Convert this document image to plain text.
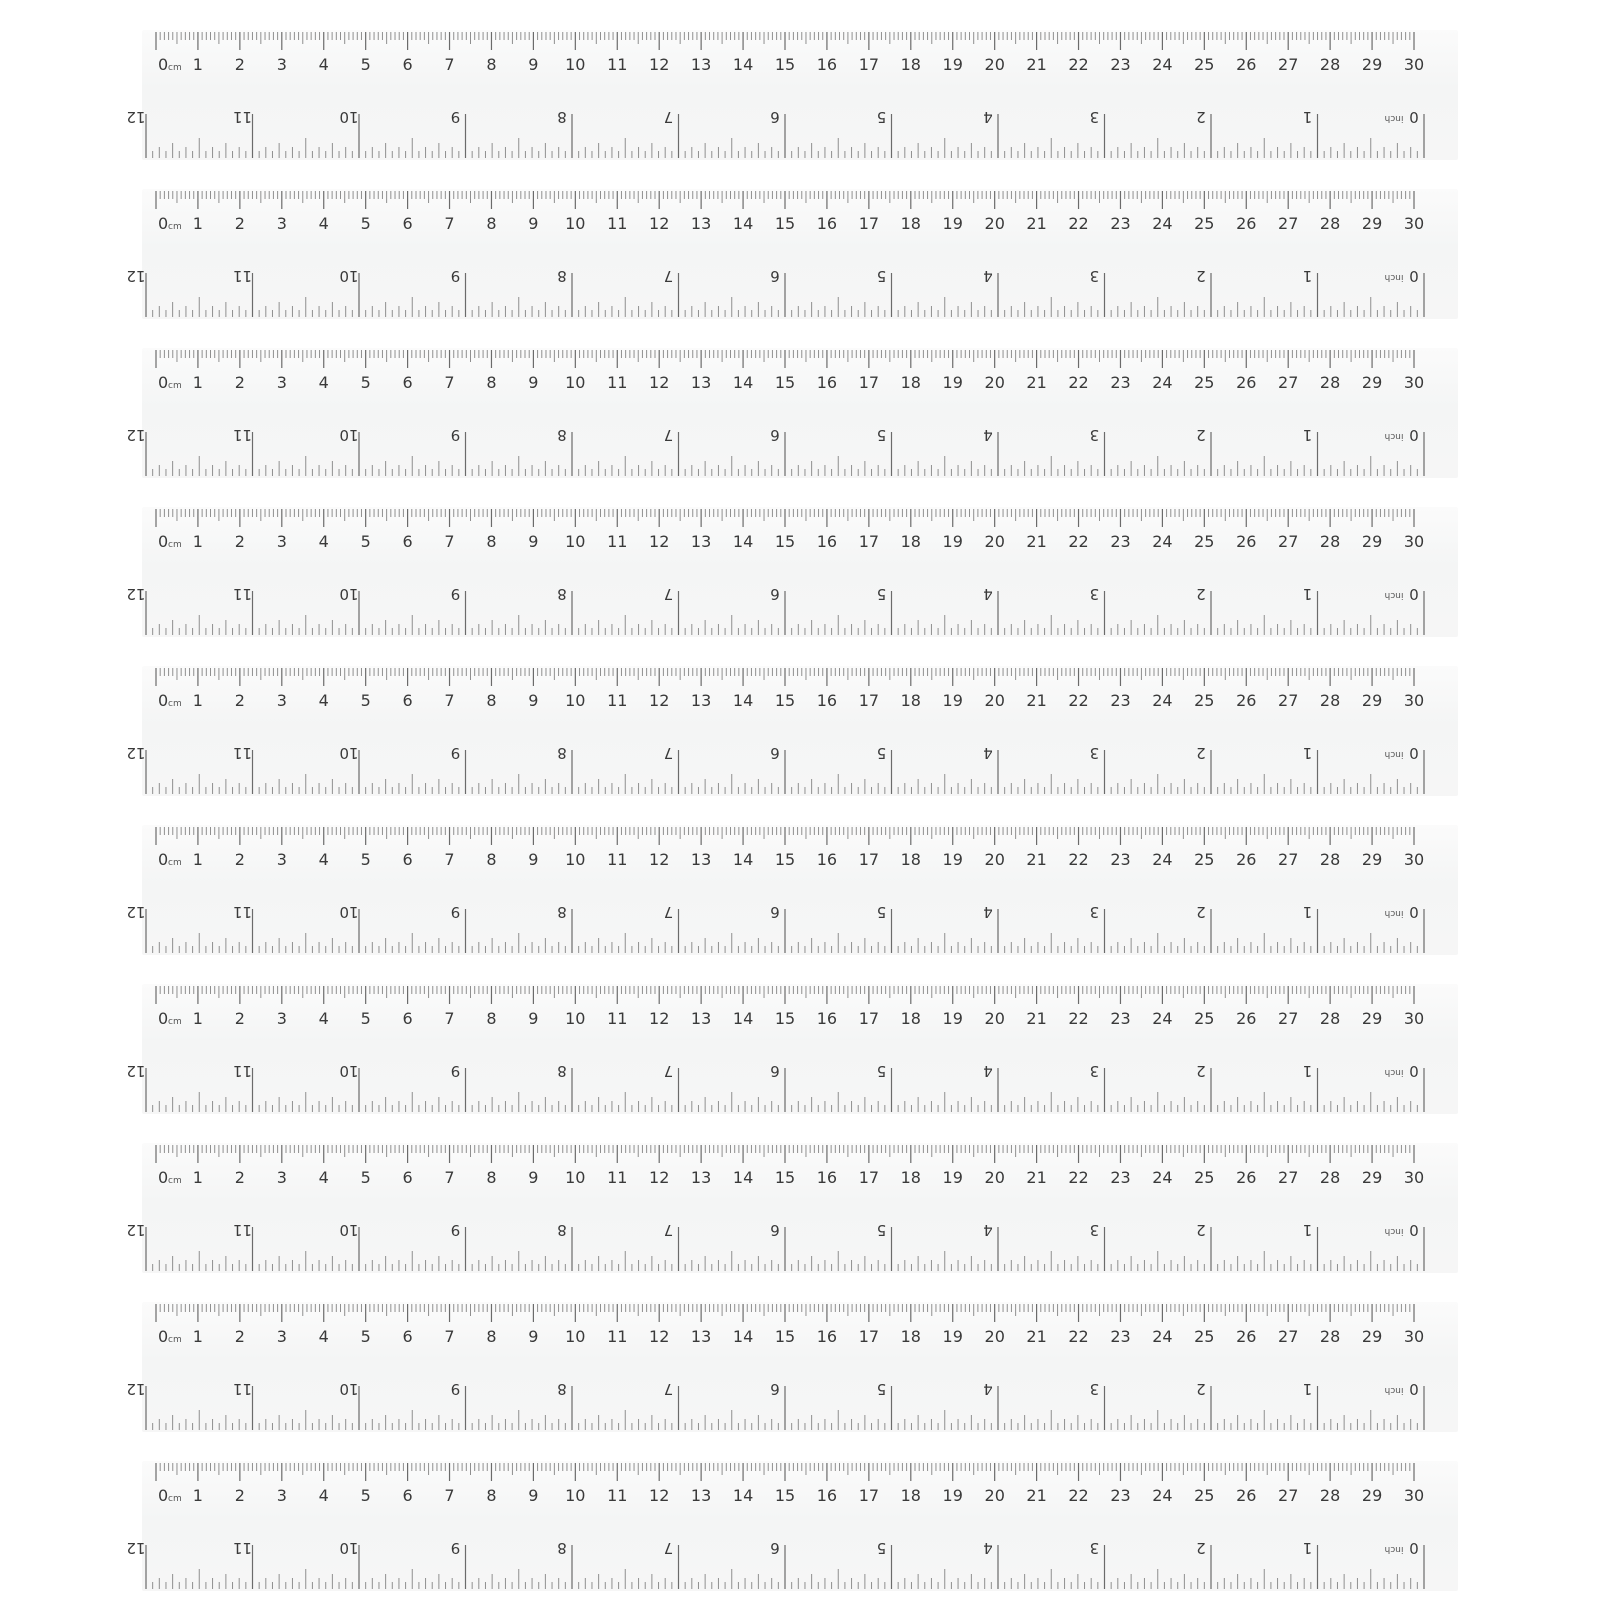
0 1 2 3 4 5 6 7 8 9 10 11 12 13 14 15 16 17 18 19 20 21 22 23 24 25 26 27 28 29 30
cm
0
1
2
3
4
5
6
7
8
9
10
11
12	inch
0 1 2 3 4 5 6 7 8 9 10 11 12 13 14 15 16 17 18 19 20 21 22 23 24 25 26 27 28 29 30
cm
0
1
2
3
4
5
6
7
8
9
10
11
12	inch
0 1 2 3 4 5 6 7 8 9 10 11 12 13 14 15 16 17 18 19 20 21 22 23 24 25 26 27 28 29 30
cm
0
1
2
3
4
5
6
7
8
9
10
11
12	inch
0 1 2 3 4 5 6 7 8 9 10 11 12 13 14 15 16 17 18 19 20 21 22 23 24 25 26 27 28 29 30
cm
0
1
2
3
4
5
6
7
8
9
10
11
12	inch
0 1 2 3 4 5 6 7 8 9 10 11 12 13 14 15 16 17 18 19 20 21 22 23 24 25 26 27 28 29 30
cm
0
1
2
3
4
5
6
7
8
9
10
11
12	inch
0 1 2 3 4 5 6 7 8 9 10 11 12 13 14 15 16 17 18 19 20 21 22 23 24 25 26 27 28 29 30
cm
0
1
2
3
4
5
6
7
8
9
10
11
12	inch
0 1 2 3 4 5 6 7 8 9 10 11 12 13 14 15 16 17 18 19 20 21 22 23 24 25 26 27 28 29 30
cm
0
1
2
3
4
5
6
7
8
9
10
11
12	inch
0 1 2 3 4 5 6 7 8 9 10 11 12 13 14 15 16 17 18 19 20 21 22 23 24 25 26 27 28 29 30
cm
0
1
2
3
4
5
6
7
8
9
10
11
12	inch
0 1 2 3 4 5 6 7 8 9 10 11 12 13 14 15 16 17 18 19 20 21 22 23 24 25 26 27 28 29 30
cm
0
1
2
3
4
5
6
7
8
9
10
11
12	inch
0 1 2 3 4 5 6 7 8 9 10 11 12 13 14 15 16 17 18 19 20 21 22 23 24 25 26 27 28 29 30
cm
0
1
2
3
4
5
6
7
8
9
10
11
12	inch
